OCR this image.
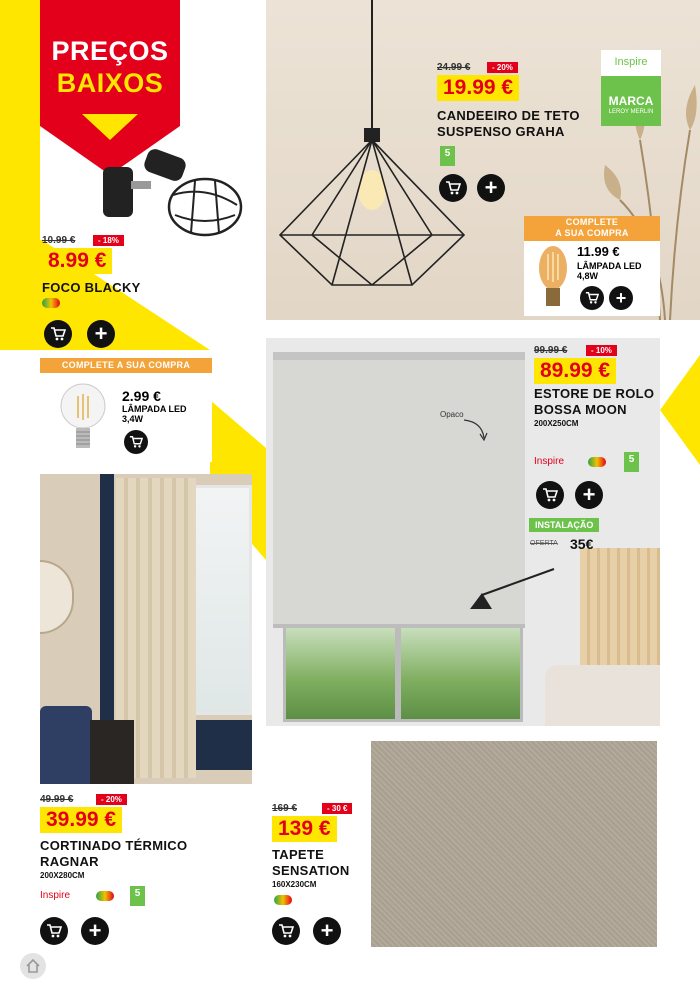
PREÇOS
BAIXOS
10.99 €	- 18%
8.99 €
FOCO BLACKY
+
COMPLETE A SUA COMPRA
2.99 €
LÂMPADA LED
3,4W
24.99 €	- 20%
19.99 €
CANDEEIRO DE TETO
SUSPENSO GRAHA
5
+
Inspire
MARCA
LEROY MERLIN
COMPLETE
A SUA COMPRA
11.99 €
LÂMPADA LED
4,8W
+
Opaco
99.99 €	- 10%
89.99 €
ESTORE DE ROLO
BOSSA MOON
200X250CM
Inspire	5
+
INSTALAÇÃO
OFERTA 35€
49.99 €	- 20%
39.99 €
CORTINADO TÉRMICO
RAGNAR
200X280CM
Inspire	5
+
169 €	- 30 €
139 €
TAPETE
SENSATION
160X230CM
+
